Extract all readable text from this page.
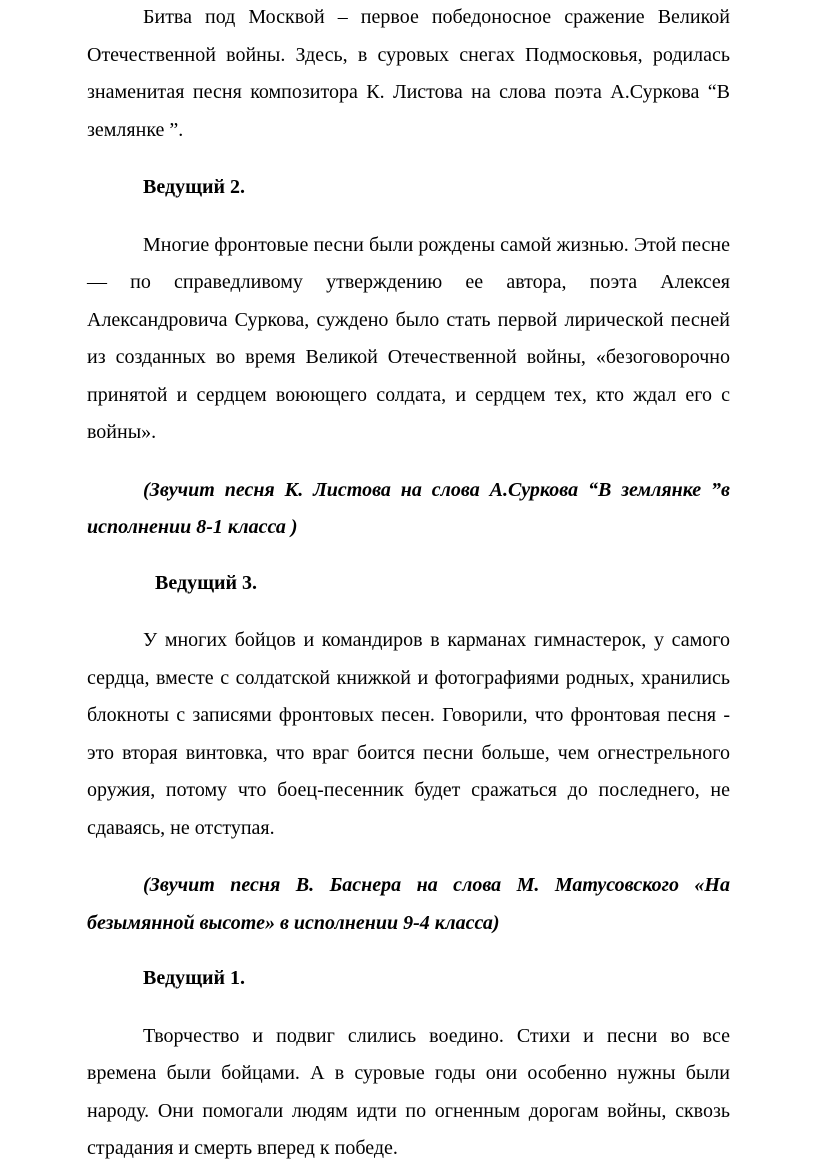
Битва под Москвой – первое победоносное сражение Великой Отечественной войны. Здесь, в суровых снегах Подмосковья, родилась знаменитая песня композитора К. Листова на слова поэта А.Суркова “В землянке ”.

Ведущий 2.

Многие фронтовые песни были рождены самой жизнью. Этой песне — по справедливому утверждению ее автора, поэта Алексея Александровича Суркова, суждено было стать первой лирической песней из созданных во время Великой Отечественной войны, «безоговорочно принятой и сердцем воюющего солдата, и сердцем тех, кто ждал его с войны».

(Звучит песня К. Листова на слова А.Суркова “В землянке ”в исполнении 8-1 класса )

Ведущий 3.

У многих бойцов и командиров в карманах гимнастерок, у самого сердца, вместе с солдатской книжкой и фотографиями родных, хранились блокноты с записями фронтовых песен. Говорили, что фронтовая песня - это вторая винтовка, что враг боится песни больше, чем огнестрельного оружия, потому что боец-песенник будет сражаться до последнего, не сдаваясь, не отступая.

(Звучит песня В. Баснера на слова М. Матусовского «На безымянной высоте» в исполнении 9-4 класса)

Ведущий 1.

Творчество и подвиг слились воедино. Стихи и песни во все времена были бойцами. А в суровые годы они особенно нужны были народу. Они помогали людям идти по огненным дорогам войны, сквозь страдания и смерть вперед к победе.
